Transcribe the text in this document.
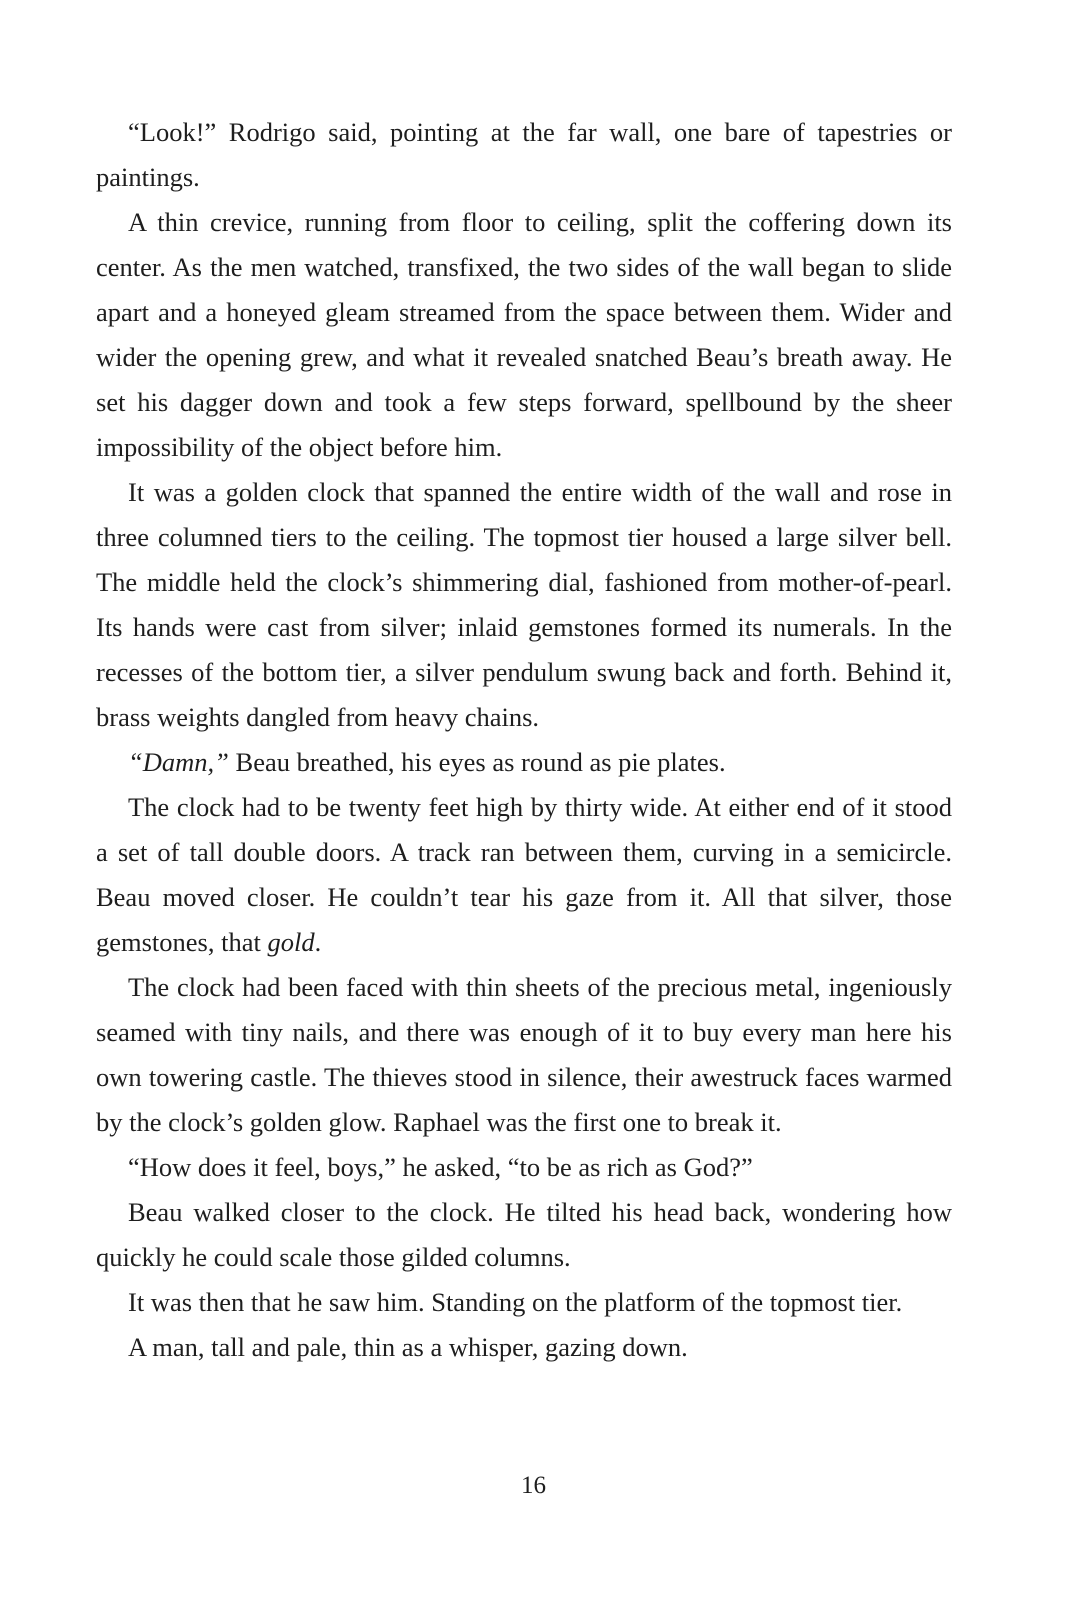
“Look!” Rodrigo said, pointing at the far wall, one bare of tapestries or paintings.

A thin crevice, running from floor to ceiling, split the coffering down its center. As the men watched, transfixed, the two sides of the wall began to slide apart and a honeyed gleam streamed from the space between them. Wider and wider the opening grew, and what it revealed snatched Beau’s breath away. He set his dagger down and took a few steps forward, spellbound by the sheer impossibility of the object before him.

It was a golden clock that spanned the entire width of the wall and rose in three columned tiers to the ceiling. The topmost tier housed a large silver bell. The middle held the clock’s shimmering dial, fashioned from mother-of-pearl. Its hands were cast from silver; inlaid gemstones formed its numerals. In the recesses of the bottom tier, a silver pendulum swung back and forth. Behind it, brass weights dangled from heavy chains.

“Damn,” Beau breathed, his eyes as round as pie plates.

The clock had to be twenty feet high by thirty wide. At either end of it stood a set of tall double doors. A track ran between them, curving in a semicircle. Beau moved closer. He couldn’t tear his gaze from it. All that silver, those gemstones, that gold.

The clock had been faced with thin sheets of the precious metal, ingeniously seamed with tiny nails, and there was enough of it to buy every man here his own towering castle. The thieves stood in silence, their awestruck faces warmed by the clock’s golden glow. Raphael was the first one to break it.

“How does it feel, boys,” he asked, “to be as rich as God?”

Beau walked closer to the clock. He tilted his head back, wondering how quickly he could scale those gilded columns.

It was then that he saw him. Standing on the platform of the topmost tier.

A man, tall and pale, thin as a whisper, gazing down.

16
